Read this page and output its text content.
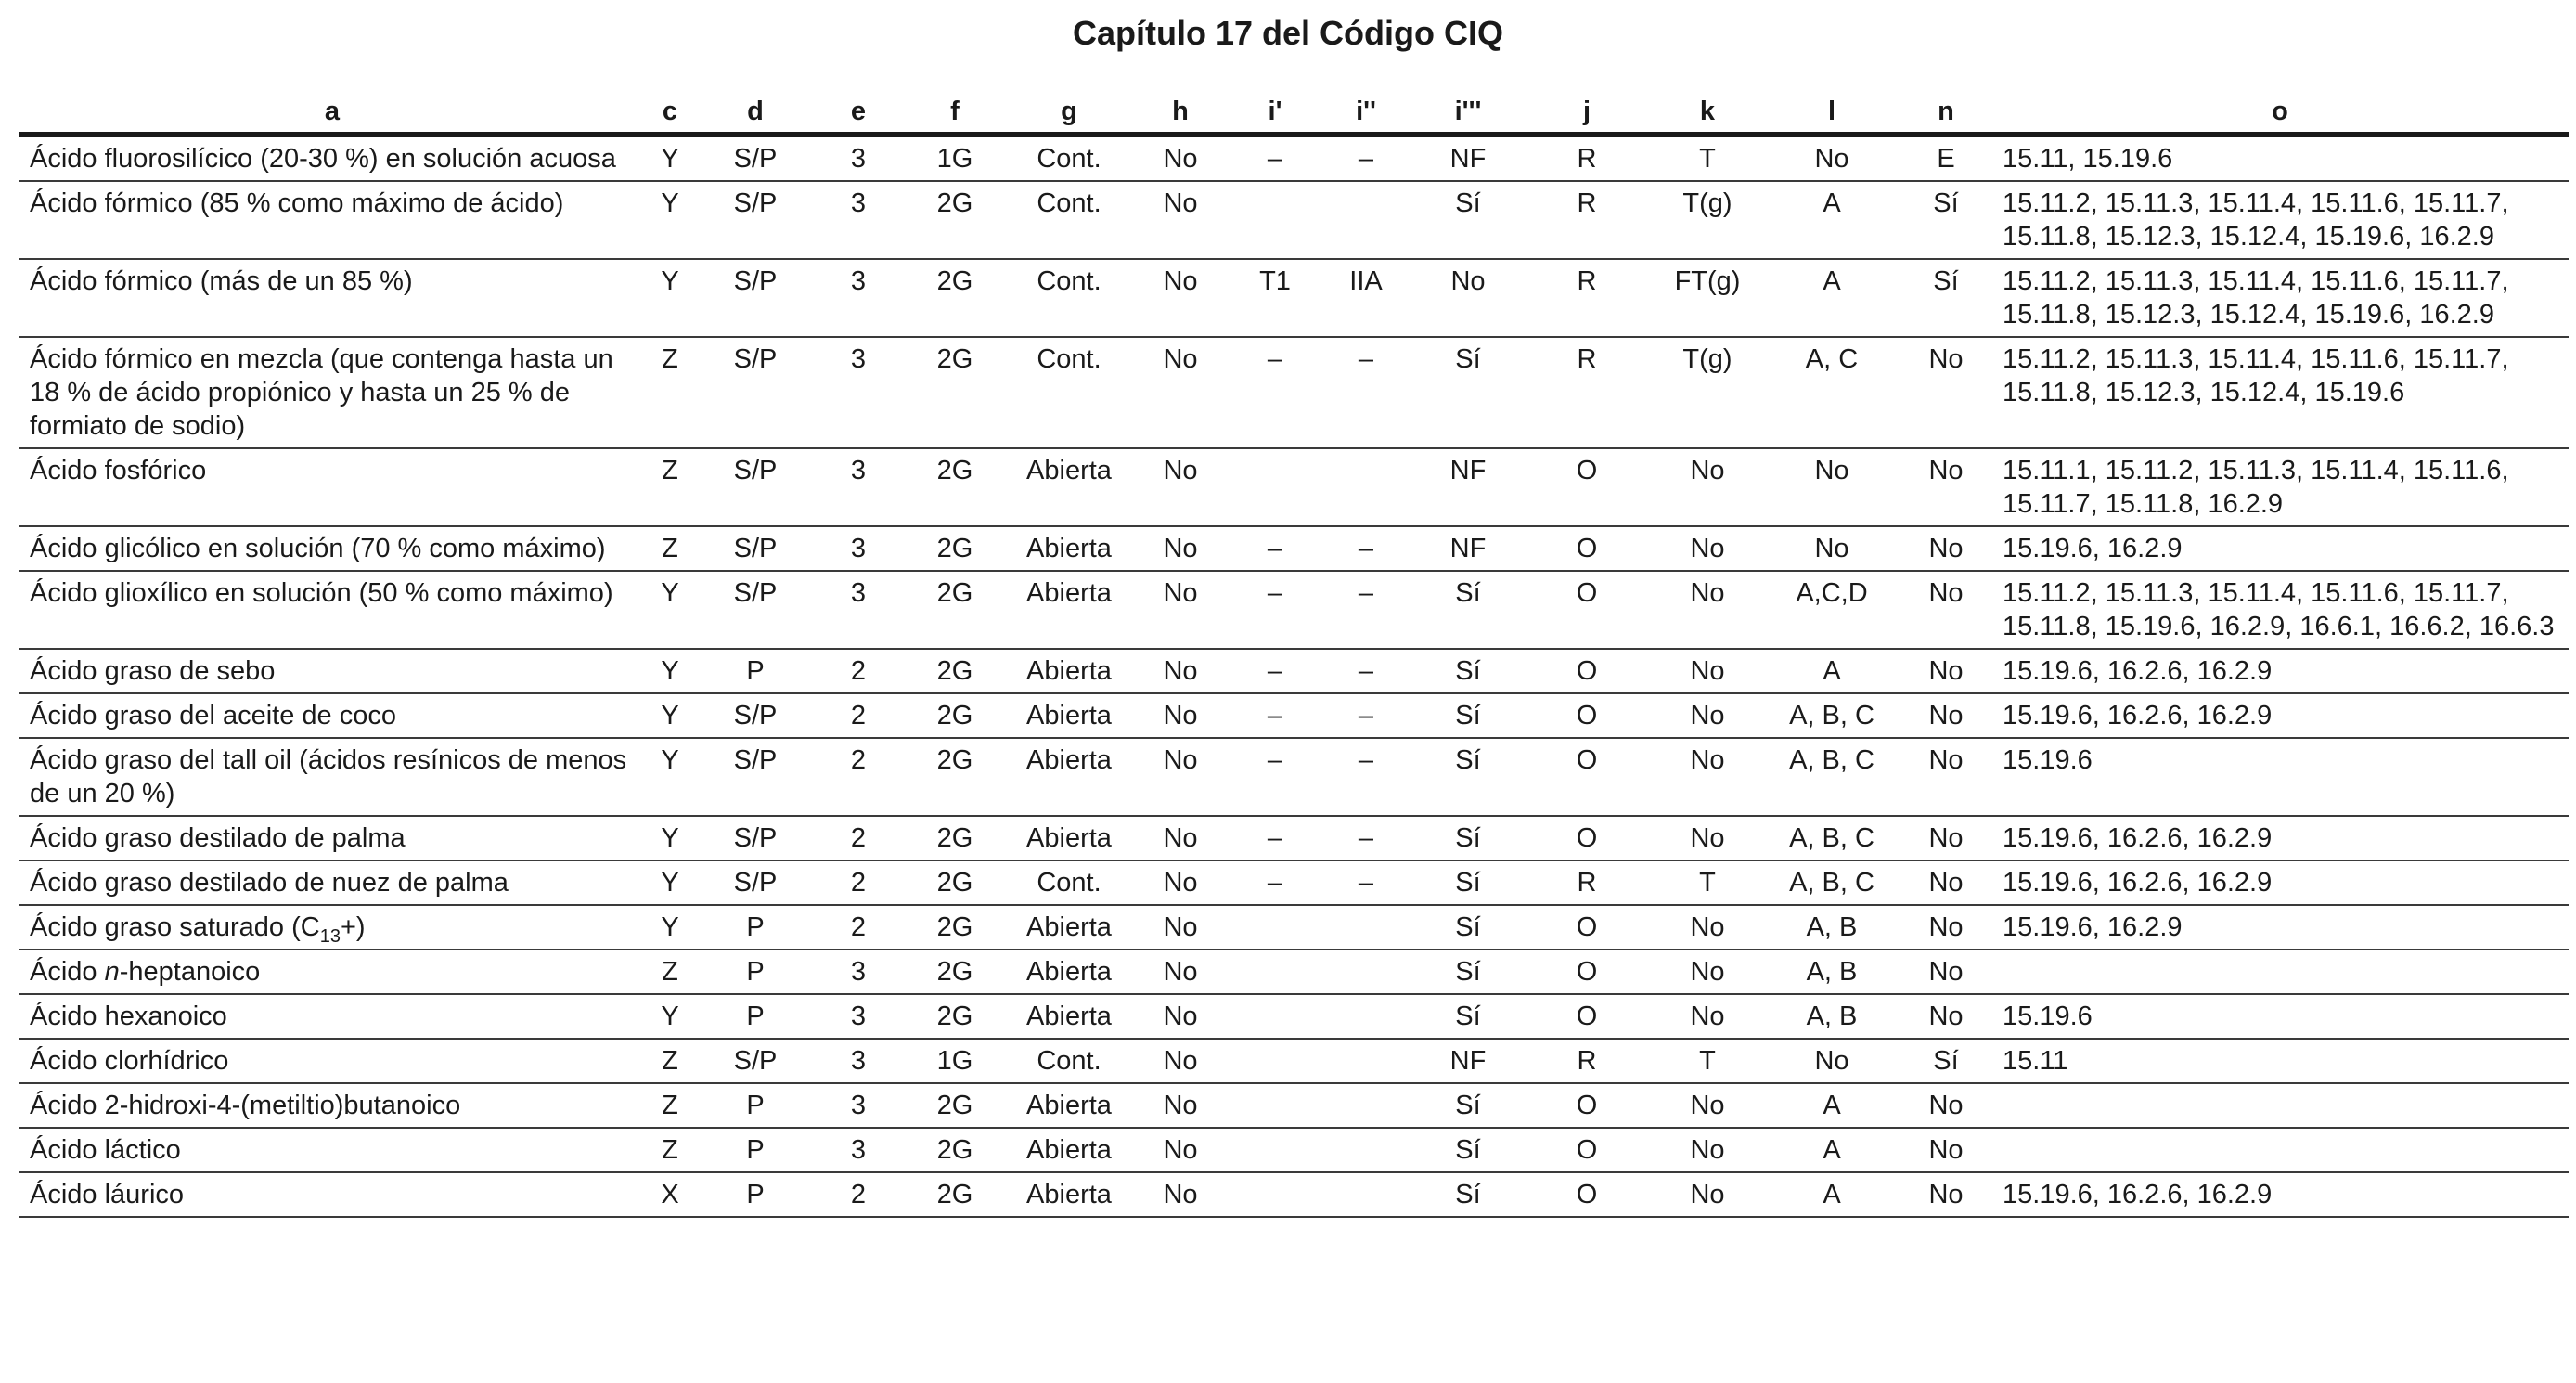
Capítulo 17 del Código CIQ
a	c	d	e	f	g	h	i'	i''	i'''	j	k	l	n	o
Ácido fluorosilícico (20-30 %) en solución acuosa	Y	S/P	3	1G	Cont.	No	–	–	NF	R	T	No	E	15.11, 15.19.6
Ácido fórmico (85 % como máximo de ácido)	Y	S/P	3	2G	Cont.	No			Sí	R	T(g)	A	Sí	15.11.2, 15.11.3, 15.11.4, 15.11.6, 15.11.7, 15.11.8, 15.12.3, 15.12.4, 15.19.6, 16.2.9
Ácido fórmico (más de un 85 %)	Y	S/P	3	2G	Cont.	No	T1	IIA	No	R	FT(g)	A	Sí	15.11.2, 15.11.3, 15.11.4, 15.11.6, 15.11.7, 15.11.8, 15.12.3, 15.12.4, 15.19.6, 16.2.9
Ácido fórmico en mezcla (que contenga hasta un 18 % de ácido propiónico y hasta un 25 % de formiato de sodio)	Z	S/P	3	2G	Cont.	No	–	–	Sí	R	T(g)	A, C	No	15.11.2, 15.11.3, 15.11.4, 15.11.6, 15.11.7, 15.11.8, 15.12.3, 15.12.4, 15.19.6
Ácido fosfórico	Z	S/P	3	2G	Abierta	No			NF	O	No	No	No	15.11.1, 15.11.2, 15.11.3, 15.11.4, 15.11.6, 15.11.7, 15.11.8, 16.2.9
Ácido glicólico en solución (70 % como máximo)	Z	S/P	3	2G	Abierta	No	–	–	NF	O	No	No	No	15.19.6, 16.2.9
Ácido glioxílico en solución (50 % como máximo)	Y	S/P	3	2G	Abierta	No	–	–	Sí	O	No	A,C,D	No	15.11.2, 15.11.3, 15.11.4, 15.11.6, 15.11.7, 15.11.8, 15.19.6, 16.2.9, 16.6.1, 16.6.2, 16.6.3
Ácido graso de sebo	Y	P	2	2G	Abierta	No	–	–	Sí	O	No	A	No	15.19.6, 16.2.6, 16.2.9
Ácido graso del aceite de coco	Y	S/P	2	2G	Abierta	No	–	–	Sí	O	No	A, B, C	No	15.19.6, 16.2.6, 16.2.9
Ácido graso del tall oil (ácidos resínicos de menos de un 20 %)	Y	S/P	2	2G	Abierta	No	–	–	Sí	O	No	A, B, C	No	15.19.6
Ácido graso destilado de palma	Y	S/P	2	2G	Abierta	No	–	–	Sí	O	No	A, B, C	No	15.19.6, 16.2.6, 16.2.9
Ácido graso destilado de nuez de palma	Y	S/P	2	2G	Cont.	No	–	–	Sí	R	T	A, B, C	No	15.19.6, 16.2.6, 16.2.9
Ácido graso saturado $(C_{13}+)$	Y	P	2	2G	Abierta	No			Sí	O	No	A, B	No	15.19.6, 16.2.9
Ácido n-heptanoico	Z	P	3	2G	Abierta	No			Sí	O	No	A, B	No	
Ácido hexanoico	Y	P	3	2G	Abierta	No			Sí	O	No	A, B	No	15.19.6
Ácido clorhídrico	Z	S/P	3	1G	Cont.	No			NF	R	T	No	Sí	15.11
Ácido 2-hidroxi-4-(metiltio)butanoico	Z	P	3	2G	Abierta	No			Sí	O	No	A	No	
Ácido láctico	Z	P	3	2G	Abierta	No			Sí	O	No	A	No	
Ácido láurico	X	P	2	2G	Abierta	No			Sí	O	No	A	No	15.19.6, 16.2.6, 16.2.9
